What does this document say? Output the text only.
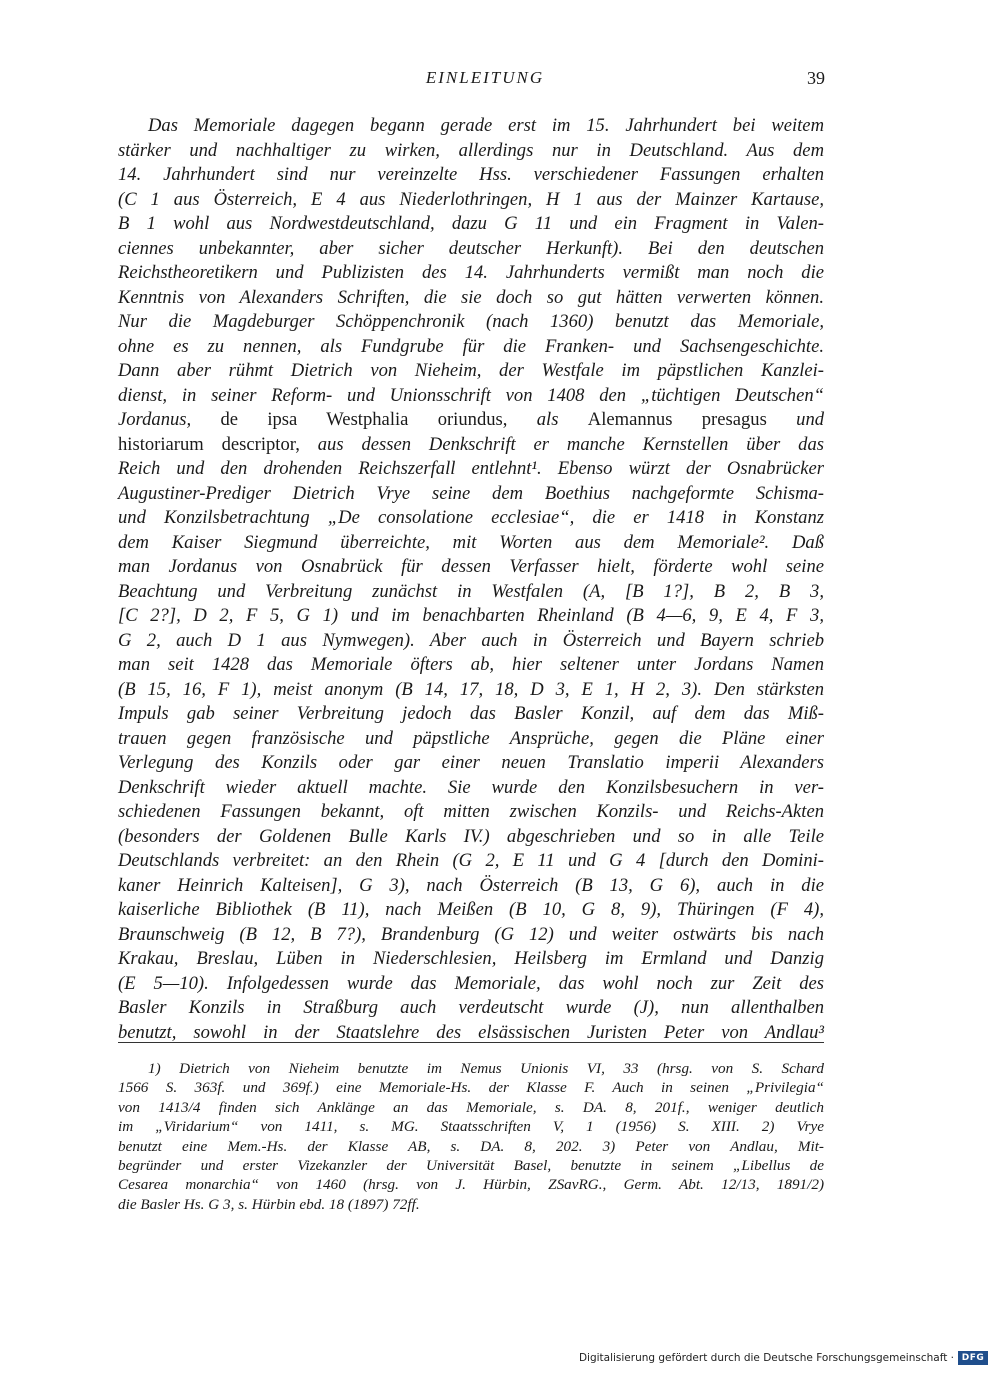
EINLEITUNG	39
Das Memoriale dagegen begann gerade erst im 15. Jahrhundert bei weitem
stärker und nachhaltiger zu wirken, allerdings nur in Deutschland. Aus dem
14. Jahrhundert sind nur vereinzelte Hss. verschiedener Fassungen erhalten
(C 1 aus Österreich, E 4 aus Niederlothringen, H 1 aus der Mainzer Kartause,
B 1 wohl aus Nordwestdeutschland, dazu G 11 und ein Fragment in Valen-
ciennes unbekannter, aber sicher deutscher Herkunft). Bei den deutschen
Reichstheoretikern und Publizisten des 14. Jahrhunderts vermißt man noch die
Kenntnis von Alexanders Schriften, die sie doch so gut hätten verwerten können.
Nur die Magdeburger Schöppenchronik (nach 1360) benutzt das Memoriale,
ohne es zu nennen, als Fundgrube für die Franken- und Sachsengeschichte.
Dann aber rühmt Dietrich von Nieheim, der Westfale im päpstlichen Kanzlei-
dienst, in seiner Reform- und Unionsschrift von 1408 den „tüchtigen Deutschen“
Jordanus, de ipsa Westphalia oriundus, als Alemannus presagus und
historiarum descriptor, aus dessen Denkschrift er manche Kernstellen über das
Reich und den drohenden Reichszerfall entlehnt¹. Ebenso würzt der Osnabrücker
Augustiner-Prediger Dietrich Vrye seine dem Boethius nachgeformte Schisma-
und Konzilsbetrachtung „De consolatione ecclesiae“, die er 1418 in Konstanz
dem Kaiser Siegmund überreichte, mit Worten aus dem Memoriale². Daß
man Jordanus von Osnabrück für dessen Verfasser hielt, förderte wohl seine
Beachtung und Verbreitung zunächst in Westfalen (A, [B 1?], B 2, B 3,
[C 2?], D 2, F 5, G 1) und im benachbarten Rheinland (B 4—6, 9, E 4, F 3,
G 2, auch D 1 aus Nymwegen). Aber auch in Österreich und Bayern schrieb
man seit 1428 das Memoriale öfters ab, hier seltener unter Jordans Namen
(B 15, 16, F 1), meist anonym (B 14, 17, 18, D 3, E 1, H 2, 3). Den stärksten
Impuls gab seiner Verbreitung jedoch das Basler Konzil, auf dem das Miß-
trauen gegen französische und päpstliche Ansprüche, gegen die Pläne einer
Verlegung des Konzils oder gar einer neuen Translatio imperii Alexanders
Denkschrift wieder aktuell machte. Sie wurde den Konzilsbesuchern in ver-
schiedenen Fassungen bekannt, oft mitten zwischen Konzils- und Reichs-Akten
(besonders der Goldenen Bulle Karls IV.) abgeschrieben und so in alle Teile
Deutschlands verbreitet: an den Rhein (G 2, E 11 und G 4 [durch den Domini-
kaner Heinrich Kalteisen], G 3), nach Österreich (B 13, G 6), auch in die
kaiserliche Bibliothek (B 11), nach Meißen (B 10, G 8, 9), Thüringen (F 4),
Braunschweig (B 12, B 7?), Brandenburg (G 12) und weiter ostwärts bis nach
Krakau, Breslau, Lüben in Niederschlesien, Heilsberg im Ermland und Danzig
(E 5—10). Infolgedessen wurde das Memoriale, das wohl noch zur Zeit des
Basler Konzils in Straßburg auch verdeutscht wurde (J), nun allenthalben
benutzt, sowohl in der Staatslehre des elsässischen Juristen Peter von Andlau³
1) Dietrich von Nieheim benutzte im Nemus Unionis VI, 33 (hrsg. von S. Schard
1566 S. 363f. und 369f.) eine Memoriale-Hs. der Klasse F. Auch in seinen „Privilegia“
von 1413/4 finden sich Anklänge an das Memoriale, s. DA. 8, 201f., weniger deutlich
im „Viridarium“ von 1411, s. MG. Staatsschriften V, 1 (1956) S. XIII. 2) Vrye
benutzt eine Mem.-Hs. der Klasse AB, s. DA. 8, 202. 3) Peter von Andlau, Mit-
begründer und erster Vizekanzler der Universität Basel, benutzte in seinem „Libellus de
Cesarea monarchia“ von 1460 (hrsg. von J. Hürbin, ZSavRG., Germ. Abt. 12/13, 1891/2)
die Basler Hs. G 3, s. Hürbin ebd. 18 (1897) 72ff.
Digitalisierung gefördert durch die Deutsche Forschungsgemeinschaft · DFG
